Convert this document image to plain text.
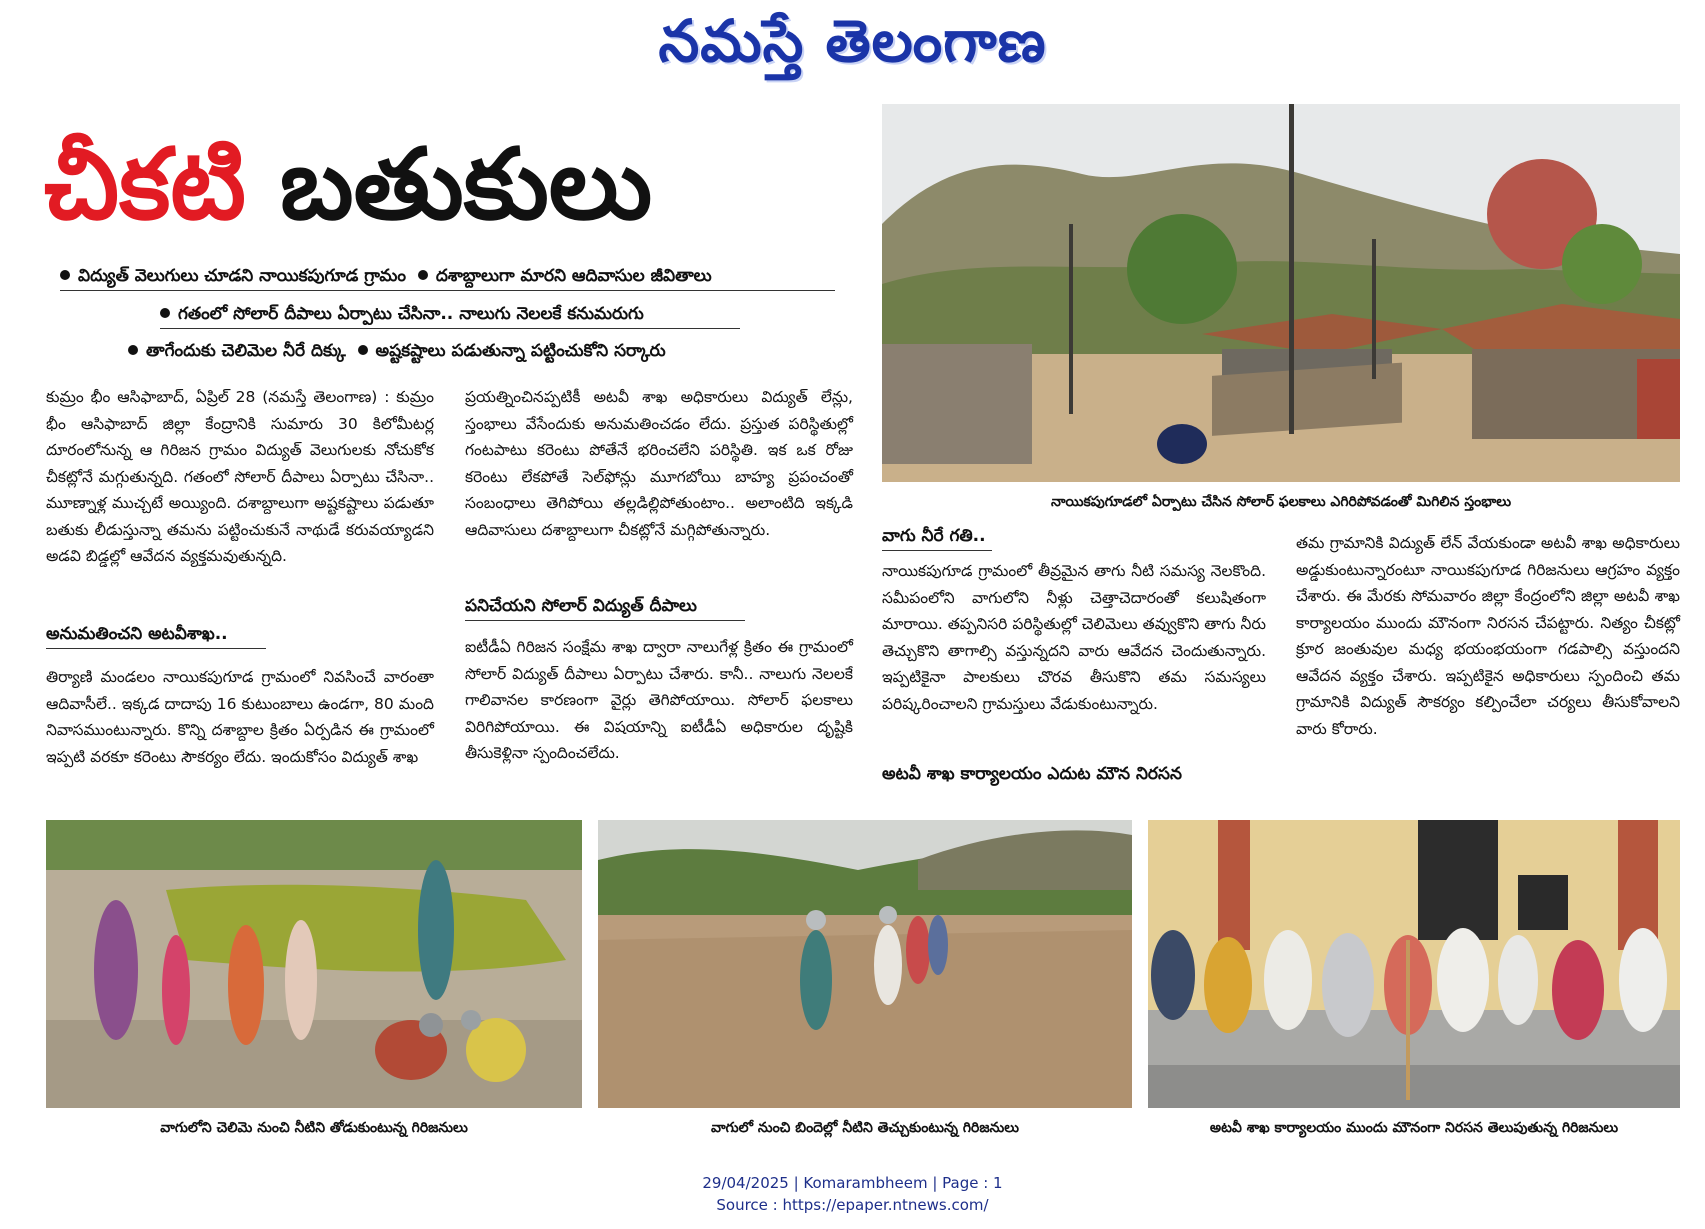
నమస్తే తెలంగాణ
చీకటి బతుకులు
విద్యుత్ వెలుగులు చూడని నాయికపుగూడ గ్రామం దశాబ్దాలుగా మారని ఆదివాసుల జీవితాలు
గతంలో సోలార్ దీపాలు ఏర్పాటు చేసినా.. నాలుగు నెలలకే కనుమరుగు
తాగేందుకు చెలిమెల నీరే దిక్కు అష్టకష్టాలు పడుతున్నా పట్టించుకోని సర్కారు
కుమ్రం భీం ఆసిఫాబాద్, ఏప్రిల్ 28 (నమస్తే తెలంగాణ) : కుమ్రం భీం ఆసిఫాబాద్ జిల్లా కేంద్రానికి సుమారు 30 కిలోమీటర్ల దూరంలోనున్న ఆ గిరిజన గ్రామం విద్యుత్ వెలుగులకు నోచుకోక చీకట్లోనే మగ్గుతున్నది. గతంలో సోలార్ దీపాలు ఏర్పాటు చేసినా.. మూణ్నాళ్ల ముచ్చటే అయ్యింది. దశాబ్దాలుగా అష్టకష్టాలు పడుతూ బతుకు లీడుస్తున్నా తమను పట్టించుకునే నాథుడే కరువయ్యాడని అడవి బిడ్డల్లో ఆవేదన వ్యక్తమవుతున్నది.
అనుమతించని అటవీశాఖ..
తిర్యాణి మండలం నాయికపుగూడ గ్రామంలో నివసించే వారంతా ఆదివాసీలే.. ఇక్కడ దాదాపు 16 కుటుంబాలు ఉండగా, 80 మంది నివాసముంటున్నారు. కొన్ని దశాబ్దాల క్రితం ఏర్పడిన ఈ గ్రామంలో ఇప్పటి వరకూ కరెంటు సౌకర్యం లేదు. ఇందుకోసం విద్యుత్ శాఖ
ప్రయత్నించినప్పటికీ అటవీ శాఖ అధికారులు విద్యుత్ లేన్లు, స్తంభాలు వేసేందుకు అనుమతించడం లేదు. ప్రస్తుత పరిస్థితుల్లో గంటపాటు కరెంటు పోతేనే భరించలేని పరిస్థితి. ఇక ఒక రోజు కరెంటు లేకపోతే సెల్‌ఫోన్లు మూగబోయి బాహ్య ప్రపంచంతో సంబంధాలు తెగిపోయి తల్లడిల్లిపోతుంటాం.. అలాంటిది ఇక్కడి ఆదివాసులు దశాబ్దాలుగా చీకట్లోనే మగ్గిపోతున్నారు.
పనిచేయని సోలార్ విద్యుత్ దీపాలు
ఐటీడీఏ గిరిజన సంక్షేమ శాఖ ద్వారా నాలుగేళ్ల క్రితం ఈ గ్రామంలో సోలార్ విద్యుత్ దీపాలు ఏర్పాటు చేశారు. కానీ.. నాలుగు నెలలకే గాలివానల కారణంగా వైర్లు తెగిపోయాయి. సోలార్ ఫలకాలు విరిగిపోయాయి. ఈ విషయాన్ని ఐటీడీఏ అధికారుల దృష్టికి తీసుకెళ్లినా స్పందించలేదు.
నాయికపుగూడలో ఏర్పాటు చేసిన సోలార్ ఫలకాలు ఎగిరిపోవడంతో మిగిలిన స్తంభాలు
వాగు నీరే గతి..
నాయికపుగూడ గ్రామంలో తీవ్రమైన తాగు నీటి సమస్య నెలకొంది. సమీపంలోని వాగులోని నీళ్లు చెత్తాచెదారంతో కలుషితంగా మారాయి. తప్పనిసరి పరిస్థితుల్లో చెలిమెలు తవ్వుకొని తాగు నీరు తెచ్చుకొని తాగాల్సి వస్తున్నదని వారు ఆవేదన చెందుతున్నారు. ఇప్పటికైనా పాలకులు చొరవ తీసుకొని తమ సమస్యలు పరిష్కరించాలని గ్రామస్తులు వేడుకుంటున్నారు.
అటవీ శాఖ కార్యాలయం ఎదుట మౌన నిరసన
తమ గ్రామానికి విద్యుత్ లేన్ వేయకుండా అటవీ శాఖ అధికారులు అడ్డుకుంటున్నారంటూ నాయికపుగూడ గిరిజనులు ఆగ్రహం వ్యక్తం చేశారు. ఈ మేరకు సోమవారం జిల్లా కేంద్రంలోని జిల్లా అటవీ శాఖ కార్యాలయం ముందు మౌనంగా నిరసన చేపట్టారు. నిత్యం చీకట్లో క్రూర జంతువుల మధ్య భయంభయంగా గడపాల్సి వస్తుందని ఆవేదన వ్యక్తం చేశారు. ఇప్పటికైన అధికారులు స్పందించి తమ గ్రామానికి విద్యుత్ సౌకర్యం కల్పించేలా చర్యలు తీసుకోవాలని వారు కోరారు.
వాగులోని చెలిమె నుంచి నీటిని తోడుకుంటున్న గిరిజనులు	వాగులో నుంచి బిందెల్లో నీటిని తెచ్చుకుంటున్న గిరిజనులు	అటవీ శాఖ కార్యాలయం ముందు మౌనంగా నిరసన తెలుపుతున్న గిరిజనులు
29/04/2025 | Komarambheem | Page : 1
Source : https://epaper.ntnews.com/
